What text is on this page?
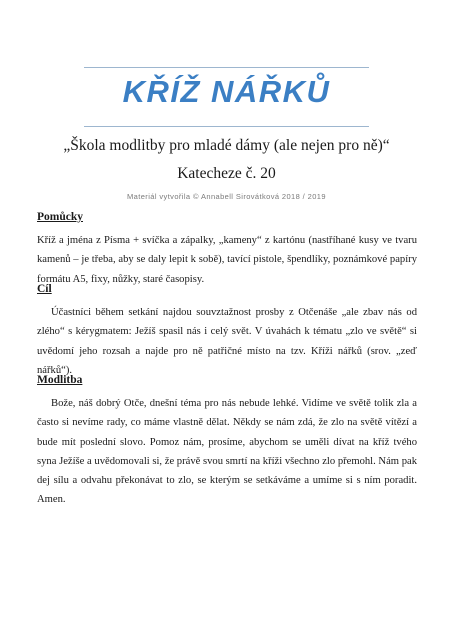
KŘÍŽ NÁŘKŮ
„Škola modlitby pro mladé dámy (ale nejen pro ně)“
Katecheze č. 20
Materiál vytvořila © Annabell Sirovátková 2018 / 2019
Pomůcky

Kříž a jména z Písma + svíčka a zápalky, „kameny“ z kartónu (nastříhané kusy ve tvaru kamenů – je třeba, aby se daly lepit k sobě), tavící pistole, špendlíky, poznámkové papíry formátu A5, fixy, nůžky, staré časopisy.

Cíl

Účastníci během setkání najdou souvztažnost prosby z Otčenáše „ale zbav nás od zlého“ s kérygmatem: Ježíš spasil nás i celý svět. V úvahách k tématu „zlo ve světě“ si uvědomí jeho rozsah a najde pro ně patřičné místo na tzv. Kříži nářků (srov. „zeď nářků“).

Modlitba

Bože, náš dobrý Otče, dnešní téma pro nás nebude lehké. Vidíme ve světě tolik zla a často si nevíme rady, co máme vlastně dělat. Někdy se nám zdá, že zlo na světě vítězí a bude mít poslední slovo. Pomoz nám, prosíme, abychom se uměli dívat na kříž tvého syna Ježíše a uvědomovali si, že právě svou smrtí na kříži všechno zlo přemohl. Nám pak dej sílu a odvahu překonávat to zlo, se kterým se setkáváme a umíme si s ním poradit. Amen.
